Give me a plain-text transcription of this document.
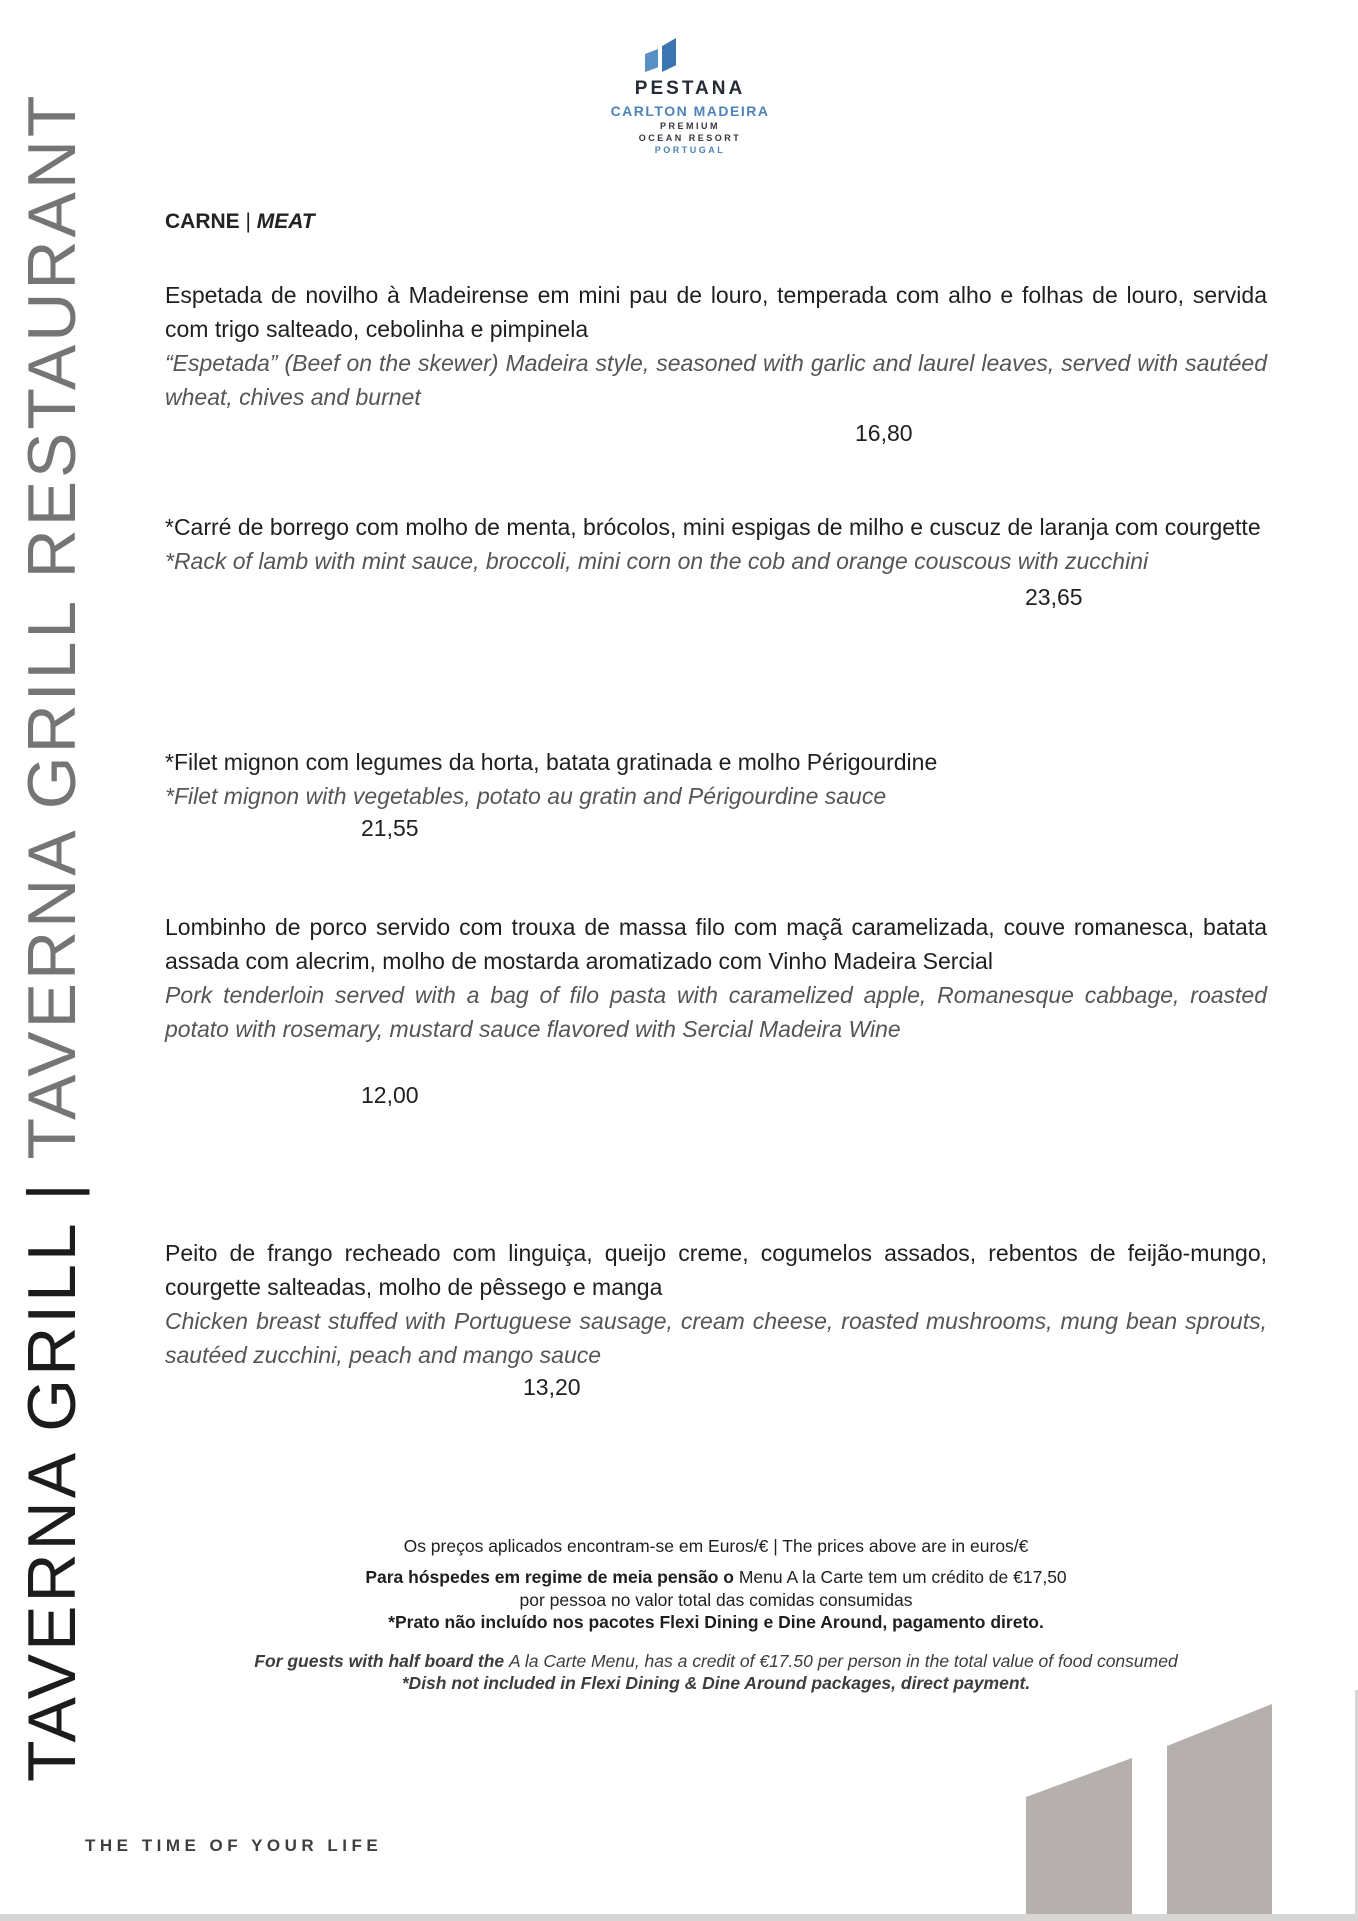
TAVERNA GRILL | TAVERNA GRILL RESTAURANT
PESTANA
CARLTON MADEIRA
PREMIUM
OCEAN RESORT
PORTUGAL
CARNE | MEAT

Espetada de novilho à Madeirense em mini pau de louro, temperada com alho e folhas de louro, servida com trigo salteado, cebolinha e pimpinela

“Espetada” (Beef on the skewer) Madeira style, seasoned with garlic and laurel leaves, served with sautéed wheat, chives and burnet

16,80

*Carré de borrego com molho de menta, brócolos, mini espigas de milho e cuscuz de laranja com courgette

*Rack of lamb with mint sauce, broccoli, mini corn on the cob and orange couscous with zucchini

23,65

*Filet mignon com legumes da horta, batata gratinada e molho Périgourdine

*Filet mignon with vegetables, potato au gratin and Périgourdine sauce

21,55

Lombinho de porco servido com trouxa de massa filo com maçã caramelizada, couve romanesca, batata assada com alecrim, molho de mostarda aromatizado com Vinho Madeira Sercial

Pork tenderloin served with a bag of filo pasta with caramelized apple, Romanesque cabbage, roasted potato with rosemary, mustard sauce flavored with Sercial Madeira Wine

12,00

Peito de frango recheado com linguiça, queijo creme, cogumelos assados, rebentos de feijão-mungo, courgette salteadas, molho de pêssego e manga

Chicken breast stuffed with Portuguese sausage, cream cheese, roasted mushrooms, mung bean sprouts, sautéed zucchini, peach and mango sauce

13,20

Os preços aplicados encontram-se em Euros/€ | The prices above are in euros/€

Para hóspedes em regime de meia pensão o Menu A la Carte tem um crédito de €17,50

por pessoa no valor total das comidas consumidas

*Prato não incluído nos pacotes Flexi Dining e Dine Around, pagamento direto.

For guests with half board the A la Carte Menu, has a credit of €17.50 per person in the total value of food consumed

*Dish not included in Flexi Dining & Dine Around packages, direct payment.

THE TIME OF YOUR LIFE
